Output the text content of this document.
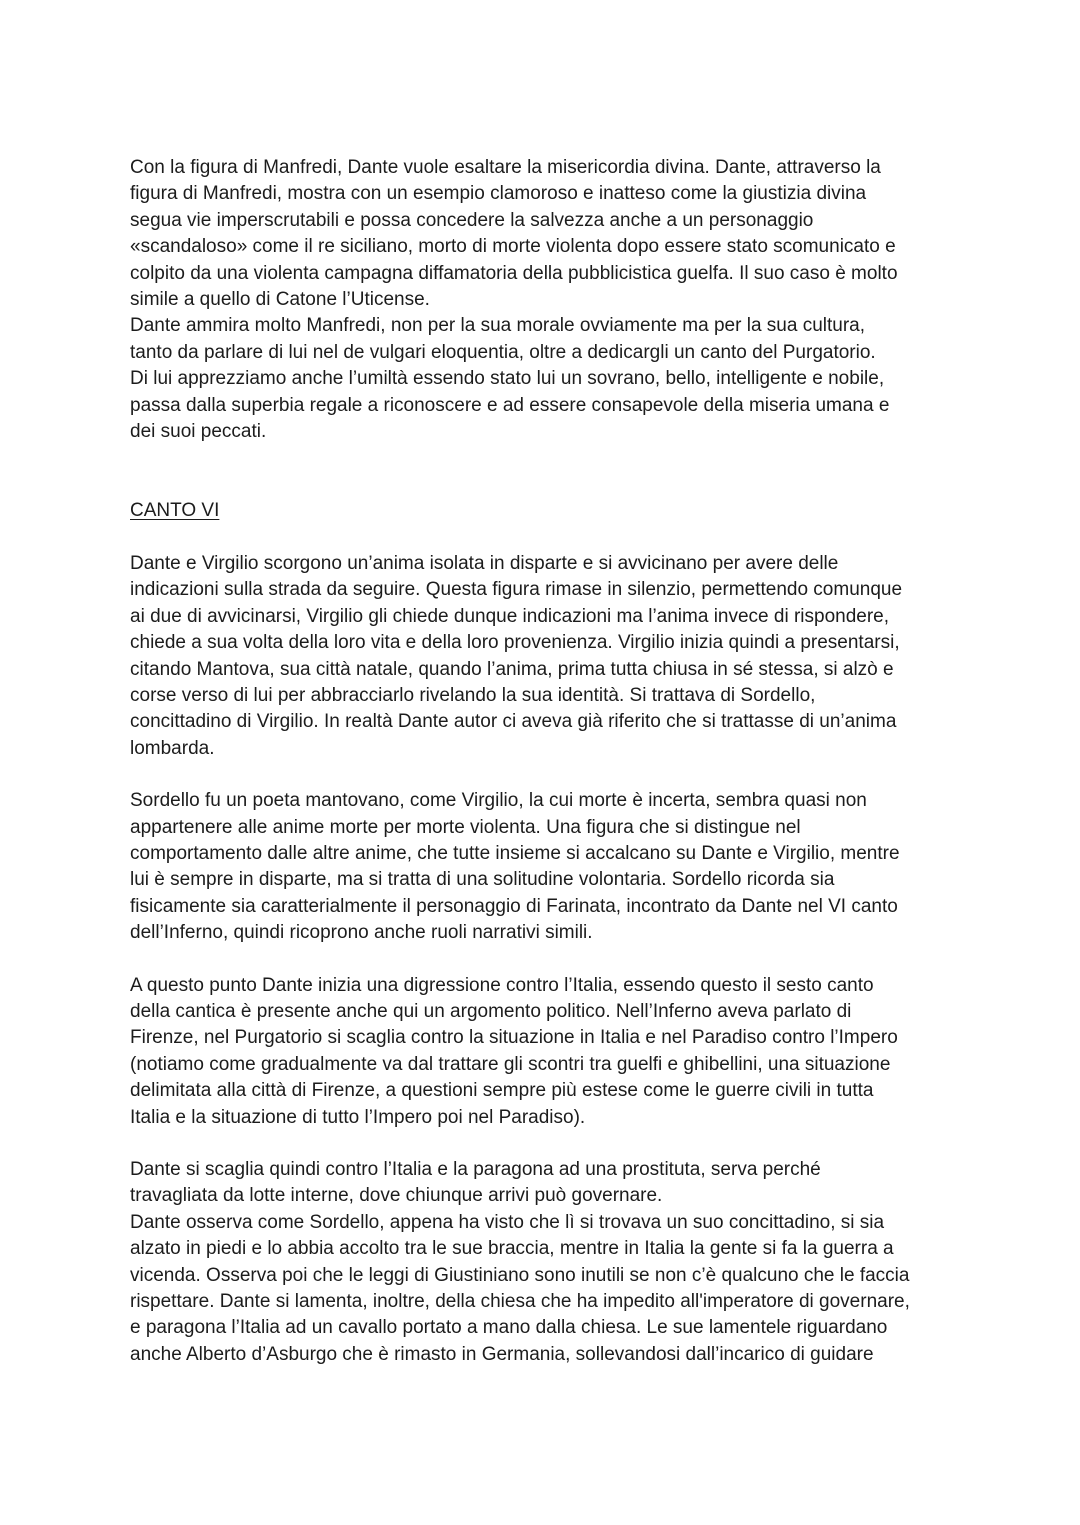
Con la figura di Manfredi, Dante vuole esaltare la misericordia divina. Dante, attraverso la
figura di Manfredi, mostra con un esempio clamoroso e inatteso come la giustizia divina
segua vie imperscrutabili e possa concedere la salvezza anche a un personaggio
«scandaloso» come il re siciliano, morto di morte violenta dopo essere stato scomunicato e
colpito da una violenta campagna diffamatoria della pubblicistica guelfa. Il suo caso è molto
simile a quello di Catone l’Uticense.
Dante ammira molto Manfredi, non per la sua morale ovviamente ma per la sua cultura,
tanto da parlare di lui nel de vulgari eloquentia, oltre a dedicargli un canto del Purgatorio.
Di lui apprezziamo anche l’umiltà essendo stato lui un sovrano, bello, intelligente e nobile,
passa dalla superbia regale a riconoscere e ad essere consapevole della miseria umana e
dei suoi peccati.

CANTO VI

Dante e Virgilio scorgono un’anima isolata in disparte e si avvicinano per avere delle
indicazioni sulla strada da seguire. Questa figura rimase in silenzio, permettendo comunque
ai due di avvicinarsi, Virgilio gli chiede dunque indicazioni ma l’anima invece di rispondere,
chiede a sua volta della loro vita e della loro provenienza. Virgilio inizia quindi a presentarsi,
citando Mantova, sua città natale, quando l’anima, prima tutta chiusa in sé stessa, si alzò e
corse verso di lui per abbracciarlo rivelando la sua identità. Si trattava di Sordello,
concittadino di Virgilio. In realtà Dante autor ci aveva già riferito che si trattasse di un’anima
lombarda.

Sordello fu un poeta mantovano, come Virgilio, la cui morte è incerta, sembra quasi non
appartenere alle anime morte per morte violenta. Una figura che si distingue nel
comportamento dalle altre anime, che tutte insieme si accalcano su Dante e Virgilio, mentre
lui è sempre in disparte, ma si tratta di una solitudine volontaria. Sordello ricorda sia
fisicamente sia caratterialmente il personaggio di Farinata, incontrato da Dante nel VI canto
dell’Inferno, quindi ricoprono anche ruoli narrativi simili.

A questo punto Dante inizia una digressione contro l’Italia, essendo questo il sesto canto
della cantica è presente anche qui un argomento politico. Nell’Inferno aveva parlato di
Firenze, nel Purgatorio si scaglia contro la situazione in Italia e nel Paradiso contro l’Impero
(notiamo come gradualmente va dal trattare gli scontri tra guelfi e ghibellini, una situazione
delimitata alla città di Firenze, a questioni sempre più estese come le guerre civili in tutta
Italia e la situazione di tutto l’Impero poi nel Paradiso).

Dante si scaglia quindi contro l’Italia e la paragona ad una prostituta, serva perché
travagliata da lotte interne, dove chiunque arrivi può governare.
Dante osserva come Sordello, appena ha visto che lì si trovava un suo concittadino, si sia
alzato in piedi e lo abbia accolto tra le sue braccia, mentre in Italia la gente si fa la guerra a
vicenda. Osserva poi che le leggi di Giustiniano sono inutili se non c’è qualcuno che le faccia
rispettare. Dante si lamenta, inoltre, della chiesa che ha impedito all'imperatore di governare,
e paragona l’Italia ad un cavallo portato a mano dalla chiesa. Le sue lamentele riguardano
anche Alberto d’Asburgo che è rimasto in Germania, sollevandosi dall’incarico di guidare
